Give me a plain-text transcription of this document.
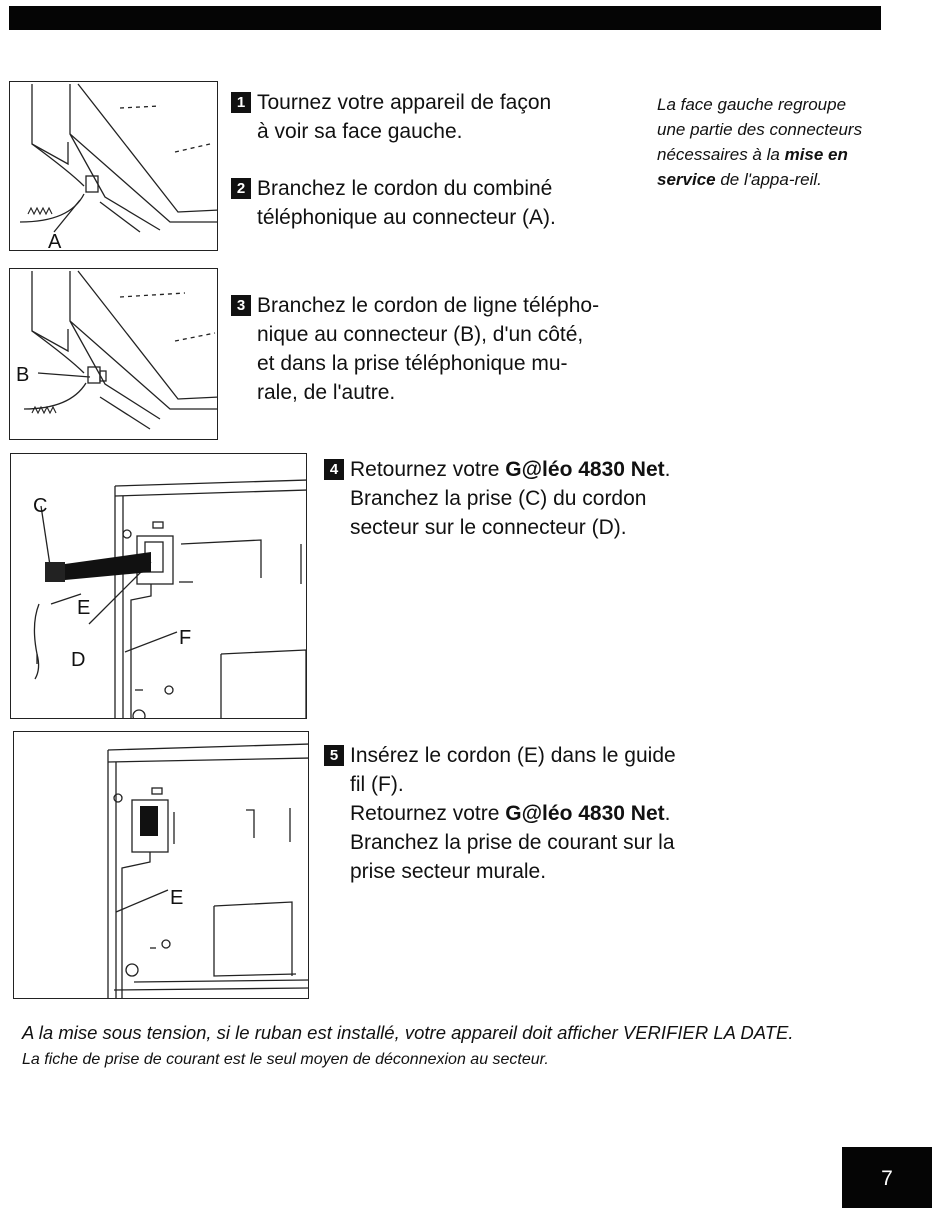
A
1 Tournez votre appareil de façon
à voir sa face gauche.
2 Branchez le cordon du combiné
téléphonique au connecteur (A).
La face gauche regroupe une partie des connecteurs nécessaires à la mise en service de l'appa-reil.
B
3 Branchez le cordon de ligne télépho-
nique au connecteur (B), d'un côté,
et dans la prise téléphonique mu-
rale, de l'autre.
C
E
D
F
4 Retournez votre G@léo 4830 Net.
Branchez la prise (C) du cordon
secteur sur le connecteur (D).
E
5 Insérez le cordon (E) dans le guide
fil (F).
Retournez votre G@léo 4830 Net.
Branchez la prise de courant sur la
prise secteur murale.

A la mise sous tension, si le ruban est installé, votre appareil doit afficher VERIFIER LA DATE.

La fiche de prise de courant est le seul moyen de déconnexion au secteur.

7
